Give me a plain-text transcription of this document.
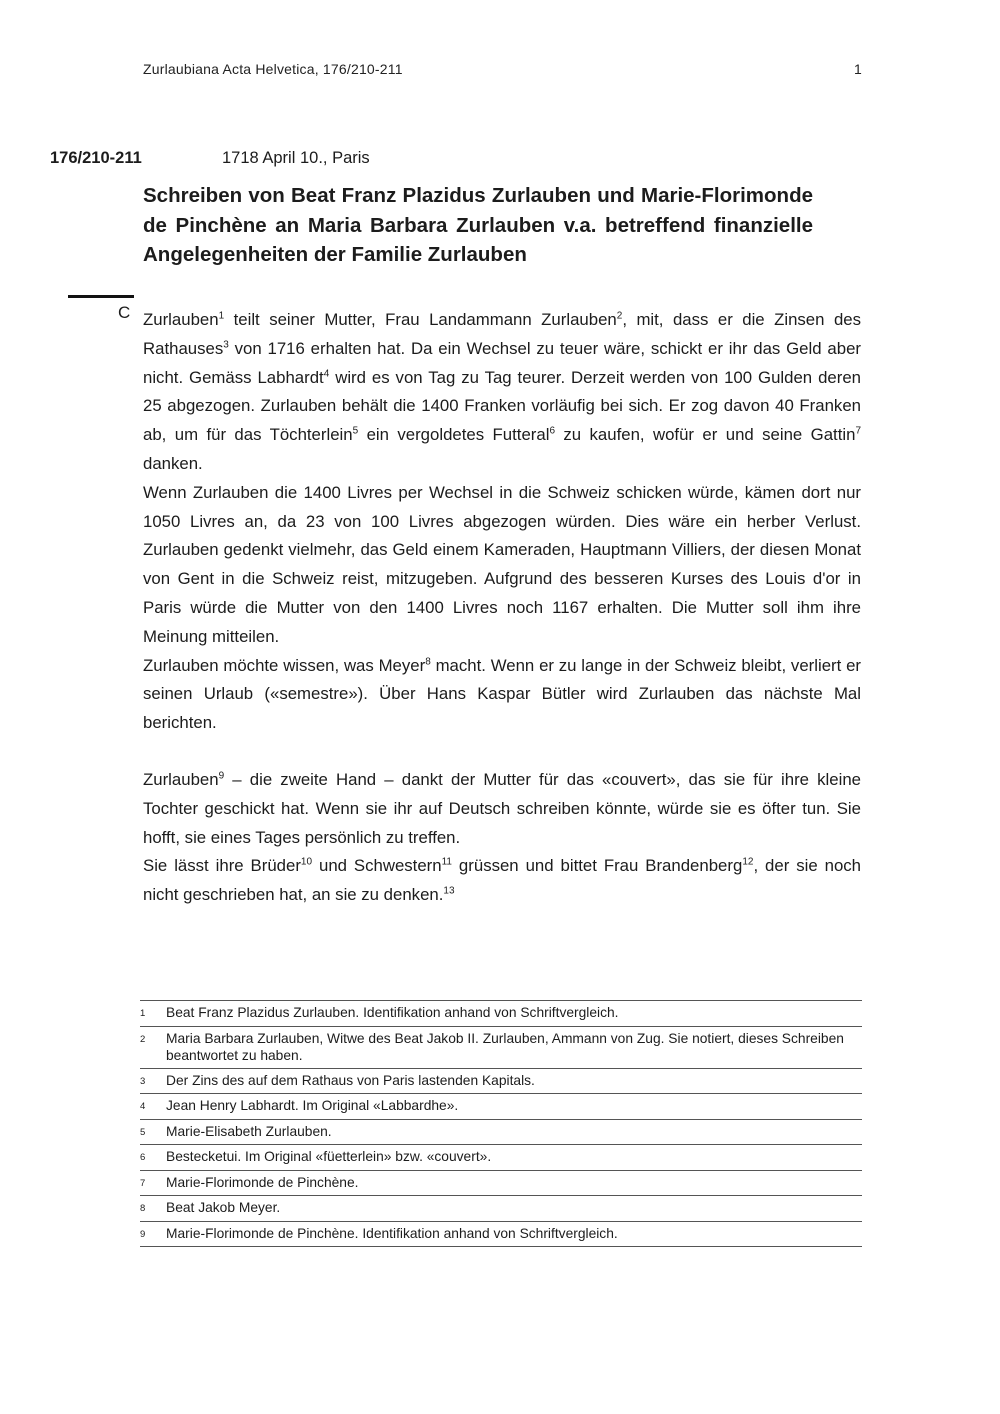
Zurlaubiana Acta Helvetica, 176/210-211	1
176/210-211	1718 April 10., Paris
Schreiben von Beat Franz Plazidus Zurlauben und Marie-Florimonde de Pinchène an Maria Barbara Zurlauben v.a. betreffend finanzielle Angelegenheiten der Familie Zurlauben
C Zurlauben$^1$ teilt seiner Mutter, Frau Landammann Zurlauben$^2$, mit, dass er die Zinsen des Rathauses$^3$ von 1716 erhalten hat. Da ein Wechsel zu teuer wäre, schickt er ihr das Geld aber nicht. Gemäss Labhardt$^4$ wird es von Tag zu Tag teurer. Derzeit werden von 100 Gulden deren 25 abgezogen. Zurlauben behält die 1400 Franken vorläufig bei sich. Er zog davon 40 Franken ab, um für das Töchterlein$^5$ ein vergoldetes Futteral$^6$ zu kaufen, wofür er und seine Gattin$^7$ danken.

Wenn Zurlauben die 1400 Livres per Wechsel in die Schweiz schicken würde, kämen dort nur 1050 Livres an, da 23 von 100 Livres abgezogen würden. Dies wäre ein herber Verlust. Zurlauben gedenkt vielmehr, das Geld einem Kameraden, Hauptmann Villiers, der diesen Monat von Gent in die Schweiz reist, mitzugeben. Aufgrund des besseren Kurses des Louis d'or in Paris würde die Mutter von den 1400 Livres noch 1167 erhalten. Die Mutter soll ihm ihre Meinung mitteilen.

Zurlauben möchte wissen, was Meyer$^8$ macht. Wenn er zu lange in der Schweiz bleibt, verliert er seinen Urlaub («semestre»). Über Hans Kaspar Bütler wird Zurlauben das nächste Mal berichten.

Zurlauben$^9$ – die zweite Hand – dankt der Mutter für das «couvert», das sie für ihre kleine Tochter geschickt hat. Wenn sie ihr auf Deutsch schreiben könnte, würde sie es öfter tun. Sie hofft, sie eines Tages persönlich zu treffen.

Sie lässt ihre Brüder$^{10}$ und Schwestern$^{11}$ grüssen und bittet Frau Brandenberg$^{12}$, der sie noch nicht geschrieben hat, an sie zu denken.$^{13}$

1	Beat Franz Plazidus Zurlauben. Identifikation anhand von Schriftvergleich.
2	Maria Barbara Zurlauben, Witwe des Beat Jakob II. Zurlauben, Ammann von Zug. Sie notiert, dieses Schreiben beantwortet zu haben.
3	Der Zins des auf dem Rathaus von Paris lastenden Kapitals.
4	Jean Henry Labhardt. Im Original «Labbardhe».
5	Marie-Elisabeth Zurlauben.
6	Bestecketui. Im Original «füetterlein» bzw. «couvert».
7	Marie-Florimonde de Pinchène.
8	Beat Jakob Meyer.
9	Marie-Florimonde de Pinchène. Identifikation anhand von Schriftvergleich.
